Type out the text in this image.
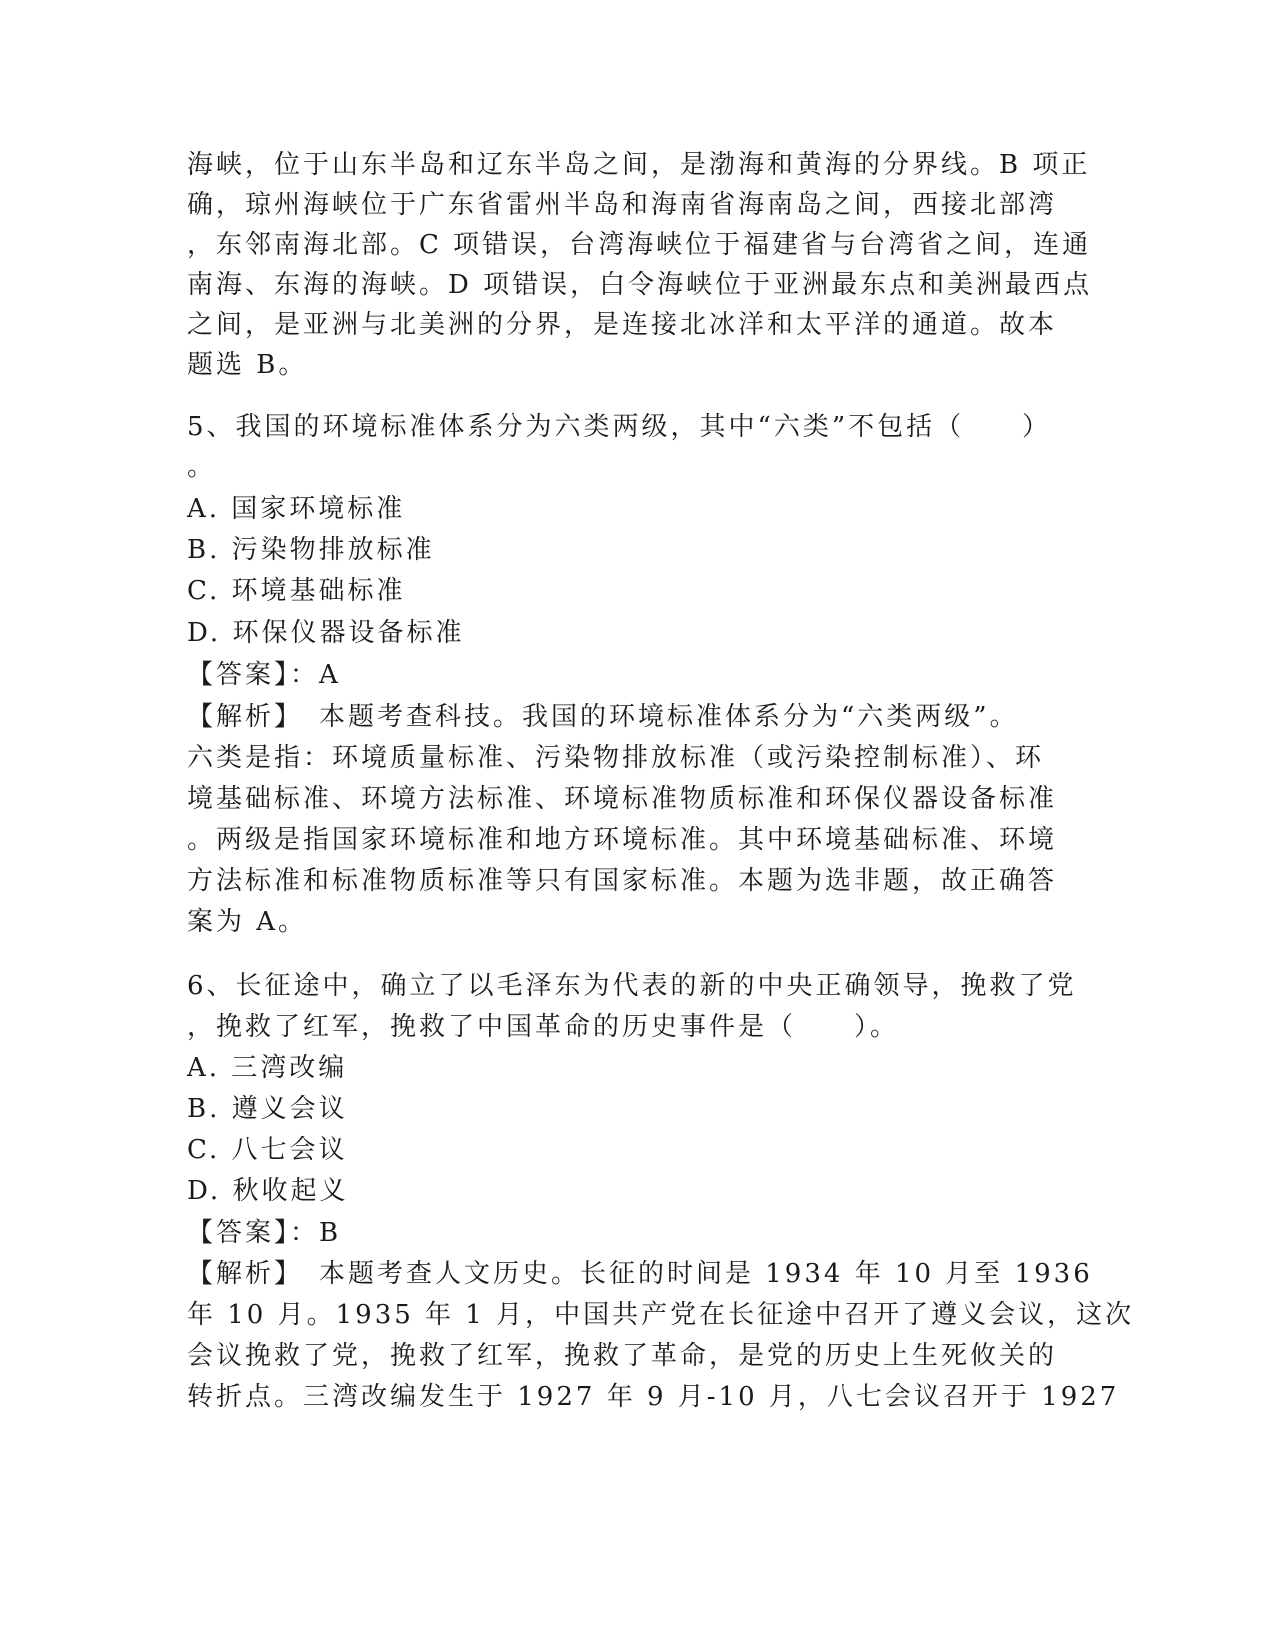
海峡，位于山东半岛和辽东半岛之间，是渤海和黄海的分界线。B 项正
确，琼州海峡位于广东省雷州半岛和海南省海南岛之间，西接北部湾
，东邻南海北部。C 项错误，台湾海峡位于福建省与台湾省之间，连通
南海、东海的海峡。D 项错误，白令海峡位于亚洲最东点和美洲最西点
之间，是亚洲与北美洲的分界，是连接北冰洋和太平洋的通道。故本
题选 B。
5、我国的环境标准体系分为六类两级，其中“六类”不包括（　　）
。
A. 国家环境标准
B. 污染物排放标准
C. 环境基础标准
D. 环保仪器设备标准
【答案】：A
【解析】　本题考查科技。我国的环境标准体系分为“六类两级”。
六类是指：环境质量标准、污染物排放标准（或污染控制标准）、环
境基础标准、环境方法标准、环境标准物质标准和环保仪器设备标准
。两级是指国家环境标准和地方环境标准。其中环境基础标准、环境
方法标准和标准物质标准等只有国家标准。本题为选非题，故正确答
案为 A。
6、长征途中，确立了以毛泽东为代表的新的中央正确领导，挽救了党
，挽救了红军，挽救了中国革命的历史事件是（　　）。
A. 三湾改编
B. 遵义会议
C. 八七会议
D. 秋收起义
【答案】：B
【解析】　本题考查人文历史。长征的时间是 1934 年 10 月至 1936
年 10 月。1935 年 1 月，中国共产党在长征途中召开了遵义会议，这次
会议挽救了党，挽救了红军，挽救了革命，是党的历史上生死攸关的
转折点。三湾改编发生于 1927 年 9 月-10 月，八七会议召开于 1927
